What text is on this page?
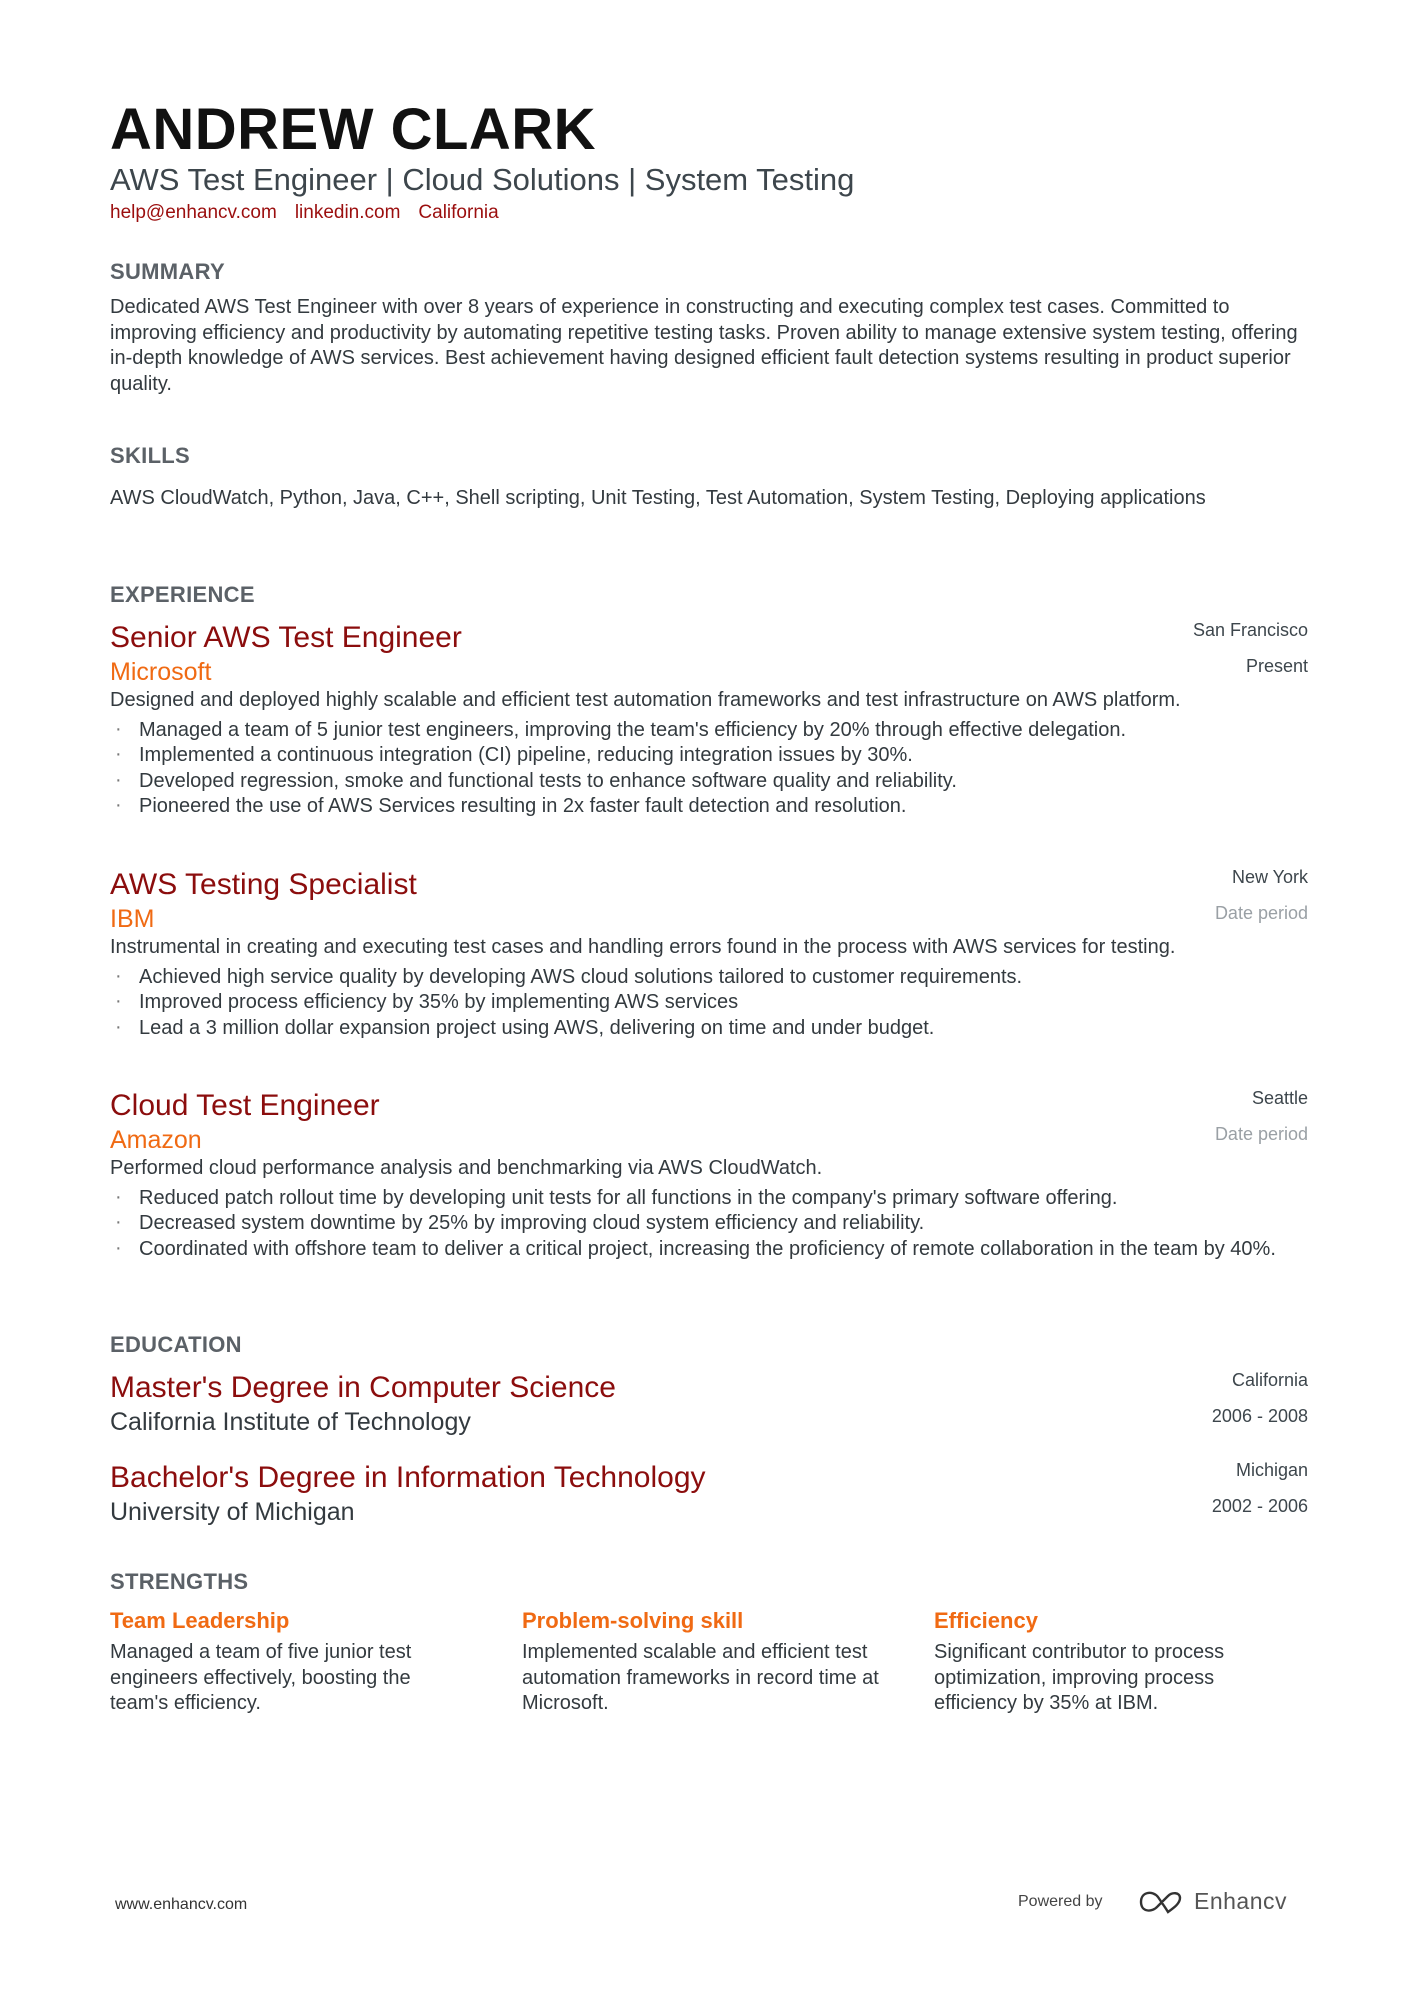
ANDREW CLARK
AWS Test Engineer | Cloud Solutions | System Testing
help@enhancv.com linkedin.com California
SUMMARY
Dedicated AWS Test Engineer with over 8 years of experience in constructing and executing complex test cases. Committed to improving efficiency and productivity by automating repetitive testing tasks. Proven ability to manage extensive system testing, offering in-depth knowledge of AWS services. Best achievement having designed efficient fault detection systems resulting in product superior quality.
SKILLS
AWS CloudWatch, Python, Java, C++, Shell scripting, Unit Testing, Test Automation, System Testing, Deploying applications
EXPERIENCE
San Francisco
Present
Senior AWS Test Engineer
Microsoft
Designed and deployed highly scalable and efficient test automation frameworks and test infrastructure on AWS platform.
· Managed a team of 5 junior test engineers, improving the team's efficiency by 20% through effective delegation.
· Implemented a continuous integration (CI) pipeline, reducing integration issues by 30%.
· Developed regression, smoke and functional tests to enhance software quality and reliability.
· Pioneered the use of AWS Services resulting in 2x faster fault detection and resolution.
New York
Date period
AWS Testing Specialist
IBM
Instrumental in creating and executing test cases and handling errors found in the process with AWS services for testing.
· Achieved high service quality by developing AWS cloud solutions tailored to customer requirements.
· Improved process efficiency by 35% by implementing AWS services
· Lead a 3 million dollar expansion project using AWS, delivering on time and under budget.
Seattle
Date period
Cloud Test Engineer
Amazon
Performed cloud performance analysis and benchmarking via AWS CloudWatch.
· Reduced patch rollout time by developing unit tests for all functions in the company's primary software offering.
· Decreased system downtime by 25% by improving cloud system efficiency and reliability.
· Coordinated with offshore team to deliver a critical project, increasing the proficiency of remote collaboration in the team by 40%.
EDUCATION
California
2006 - 2008
Master's Degree in Computer Science
California Institute of Technology
Michigan
2002 - 2006
Bachelor's Degree in Information Technology
University of Michigan
STRENGTHS
Team Leadership
Managed a team of five junior test engineers effectively, boosting the team's efficiency.
Problem-solving skill
Implemented scalable and efficient test automation frameworks in record time at Microsoft.
Efficiency
Significant contributor to process optimization, improving process efficiency by 35% at IBM.
www.enhancv.com	Powered by	Enhancv
